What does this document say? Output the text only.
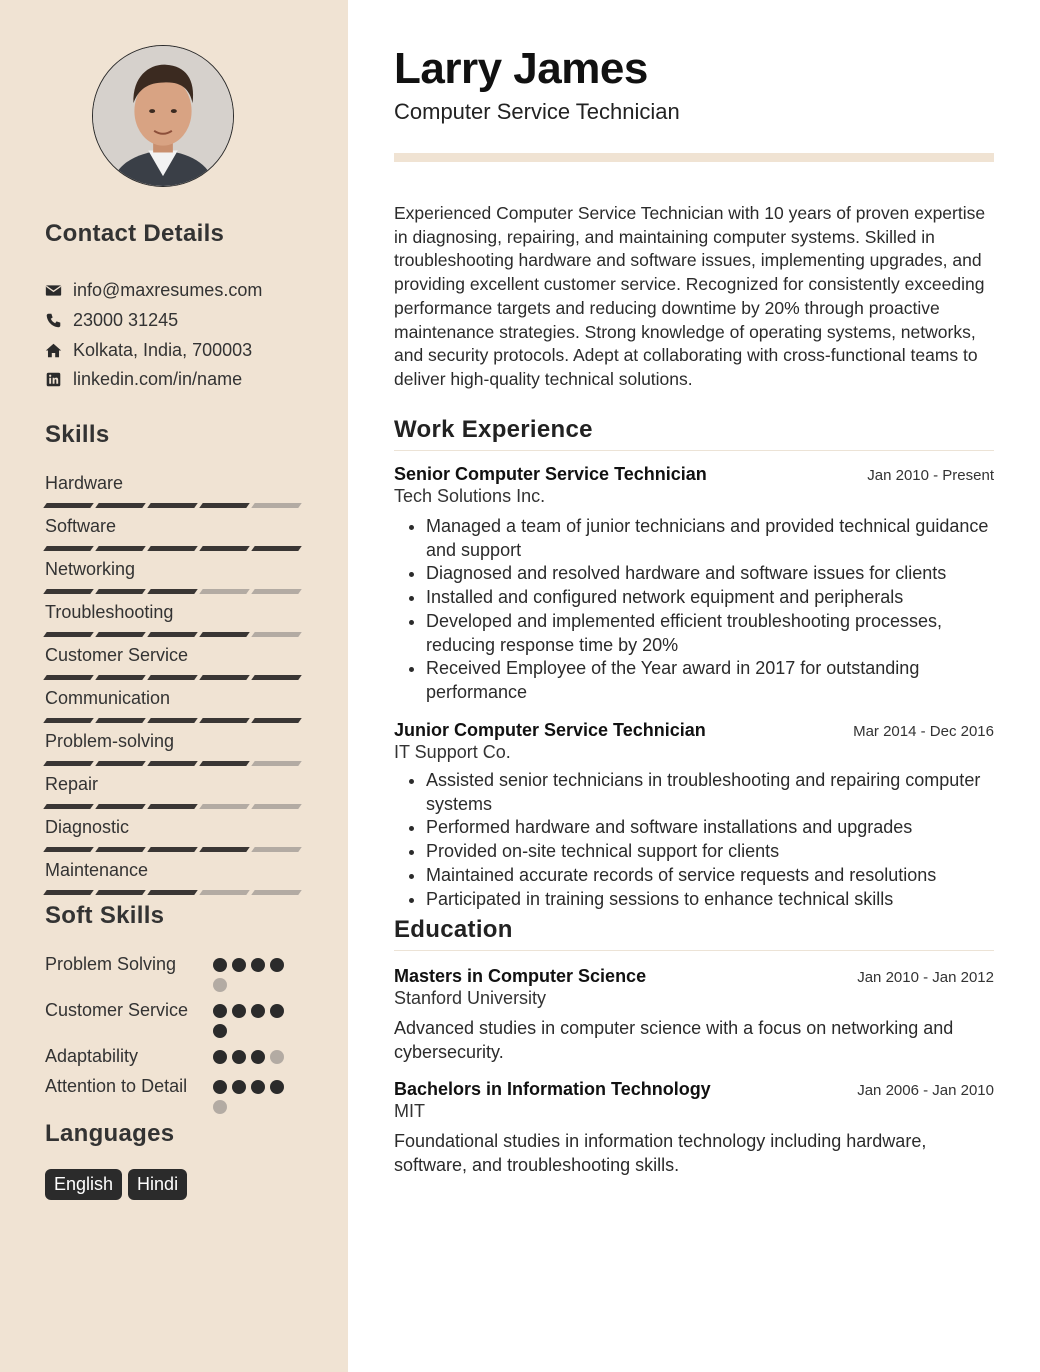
Contact Details
info@maxresumes.com
23000 31245
Kolkata, India, 700003
linkedin.com/in/name
Skills
Hardware
Software
Networking
Troubleshooting
Customer Service
Communication
Problem-solving
Repair
Diagnostic
Maintenance
Soft Skills
Problem Solving
Customer Service
Adaptability
Attention to Detail
Languages
English	Hindi
Larry James
Computer Service Technician

Experienced Computer Service Technician with 10 years of proven expertise in diagnosing, repairing, and maintaining computer systems. Skilled in troubleshooting hardware and software issues, implementing upgrades, and providing excellent customer service. Recognized for consistently exceeding performance targets and reducing downtime by 20% through proactive maintenance strategies. Strong knowledge of operating systems, networks, and security protocols. Adept at collaborating with cross-functional teams to deliver high-quality technical solutions.

Work Experience
Senior Computer Service Technician	Jan 2010 - Present
Tech Solutions Inc.
• Managed a team of junior technicians and provided technical guidance and support
• Diagnosed and resolved hardware and software issues for clients
• Installed and configured network equipment and peripherals
• Developed and implemented efficient troubleshooting processes, reducing response time by 20%
• Received Employee of the Year award in 2017 for outstanding performance
Junior Computer Service Technician	Mar 2014 - Dec 2016
IT Support Co.
• Assisted senior technicians in troubleshooting and repairing computer systems
• Performed hardware and software installations and upgrades
• Provided on-site technical support for clients
• Maintained accurate records of service requests and resolutions
• Participated in training sessions to enhance technical skills
Education
Masters in Computer Science	Jan 2010 - Jan 2012
Stanford University
Advanced studies in computer science with a focus on networking and cybersecurity.
Bachelors in Information Technology	Jan 2006 - Jan 2010
MIT
Foundational studies in information technology including hardware, software, and troubleshooting skills.
